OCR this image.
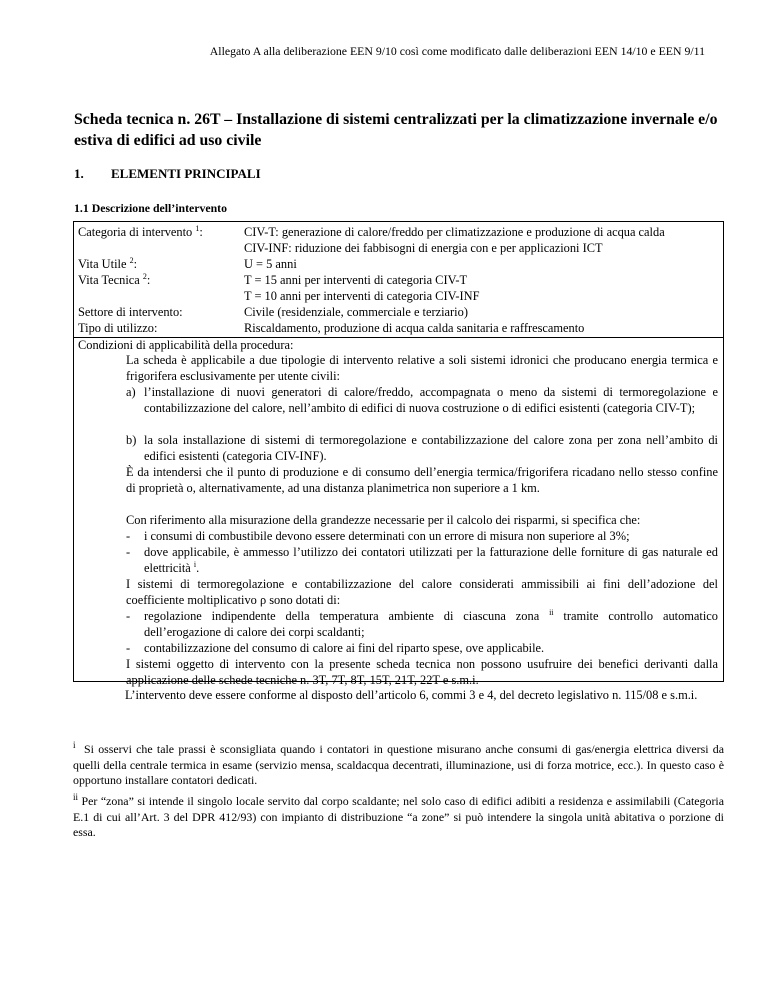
Allegato A alla deliberazione EEN 9/10 così come modificato dalle deliberazioni EEN 14/10 e EEN 9/11
Scheda tecnica n. 26T – Installazione di sistemi centralizzati per la climatizzazione invernale e/o estiva di edifici ad uso civile
1. ELEMENTI PRINCIPALI
1.1 Descrizione dell’intervento
Categoria di intervento $^1$:	CIV-T: generazione di calore/freddo per climatizzazione e produzione di acqua calda
CIV-INF: riduzione dei fabbisogni di energia con e per applicazioni ICT
Vita Utile $^2$:	U = 5 anni
Vita Tecnica $^2$:	T = 15 anni per interventi di categoria CIV-T
T = 10 anni per interventi di categoria CIV-INF
Settore di intervento:	Civile (residenziale, commerciale e terziario)
Tipo di utilizzo:	Riscaldamento, produzione di acqua calda sanitaria e raffrescamento
Condizioni di applicabilità della procedura:
La scheda è applicabile a due tipologie di intervento relative a soli sistemi idronici che producano energia termica e frigorifera esclusivamente per utente civili:
a) l’installazione di nuovi generatori di calore/freddo, accompagnata o meno da sistemi di termoregolazione e contabilizzazione del calore, nell’ambito di edifici di nuova costruzione o di edifici esistenti (categoria CIV-T);
b) la sola installazione di sistemi di termoregolazione e contabilizzazione del calore zona per zona nell’ambito di edifici esistenti (categoria CIV-INF).
È da intendersi che il punto di produzione e di consumo dell’energia termica/frigorifera ricadano nello stesso confine di proprietà o, alternativamente, ad una distanza planimetrica non superiore a 1 km.
Con riferimento alla misurazione della grandezze necessarie per il calcolo dei risparmi, si specifica che:
- i consumi di combustibile devono essere determinati con un errore di misura non superiore al 3%;
- dove applicabile, è ammesso l’utilizzo dei contatori utilizzati per la fatturazione delle forniture di gas naturale ed elettricità $^i$.
I sistemi di termoregolazione e contabilizzazione del calore considerati ammissibili ai fini dell’adozione del coefficiente moltiplicativo ρ sono dotati di:
- regolazione indipendente della temperatura ambiente di ciascuna zona $^{ii}$ tramite controllo automatico dell’erogazione di calore dei corpi scaldanti;
- contabilizzazione del consumo di calore ai fini del riparto spese, ove applicabile.
I sistemi oggetto di intervento con la presente scheda tecnica non possono usufruire dei benefici derivanti dalla applicazione delle schede tecniche n. 3T, 7T, 8T, 15T, 21T, 22T e s.m.i.
L’intervento deve essere conforme al disposto dell’articolo 6, commi 3 e 4, del decreto legislativo n. 115/08 e s.m.i.
$^i$ Si osservi che tale prassi è sconsigliata quando i contatori in questione misurano anche consumi di gas/energia elettrica diversi da quelli della centrale termica in esame (servizio mensa, scaldacqua decentrati, illuminazione, usi di forza motrice, ecc.). In questo caso è opportuno installare contatori dedicati.
$^{ii}$ Per “zona” si intende il singolo locale servito dal corpo scaldante; nel solo caso di edifici adibiti a residenza e assimilabili (Categoria E.1 di cui all’Art. 3 del DPR 412/93) con impianto di distribuzione “a zone” si può intendere la singola unità abitativa o porzione di essa.
